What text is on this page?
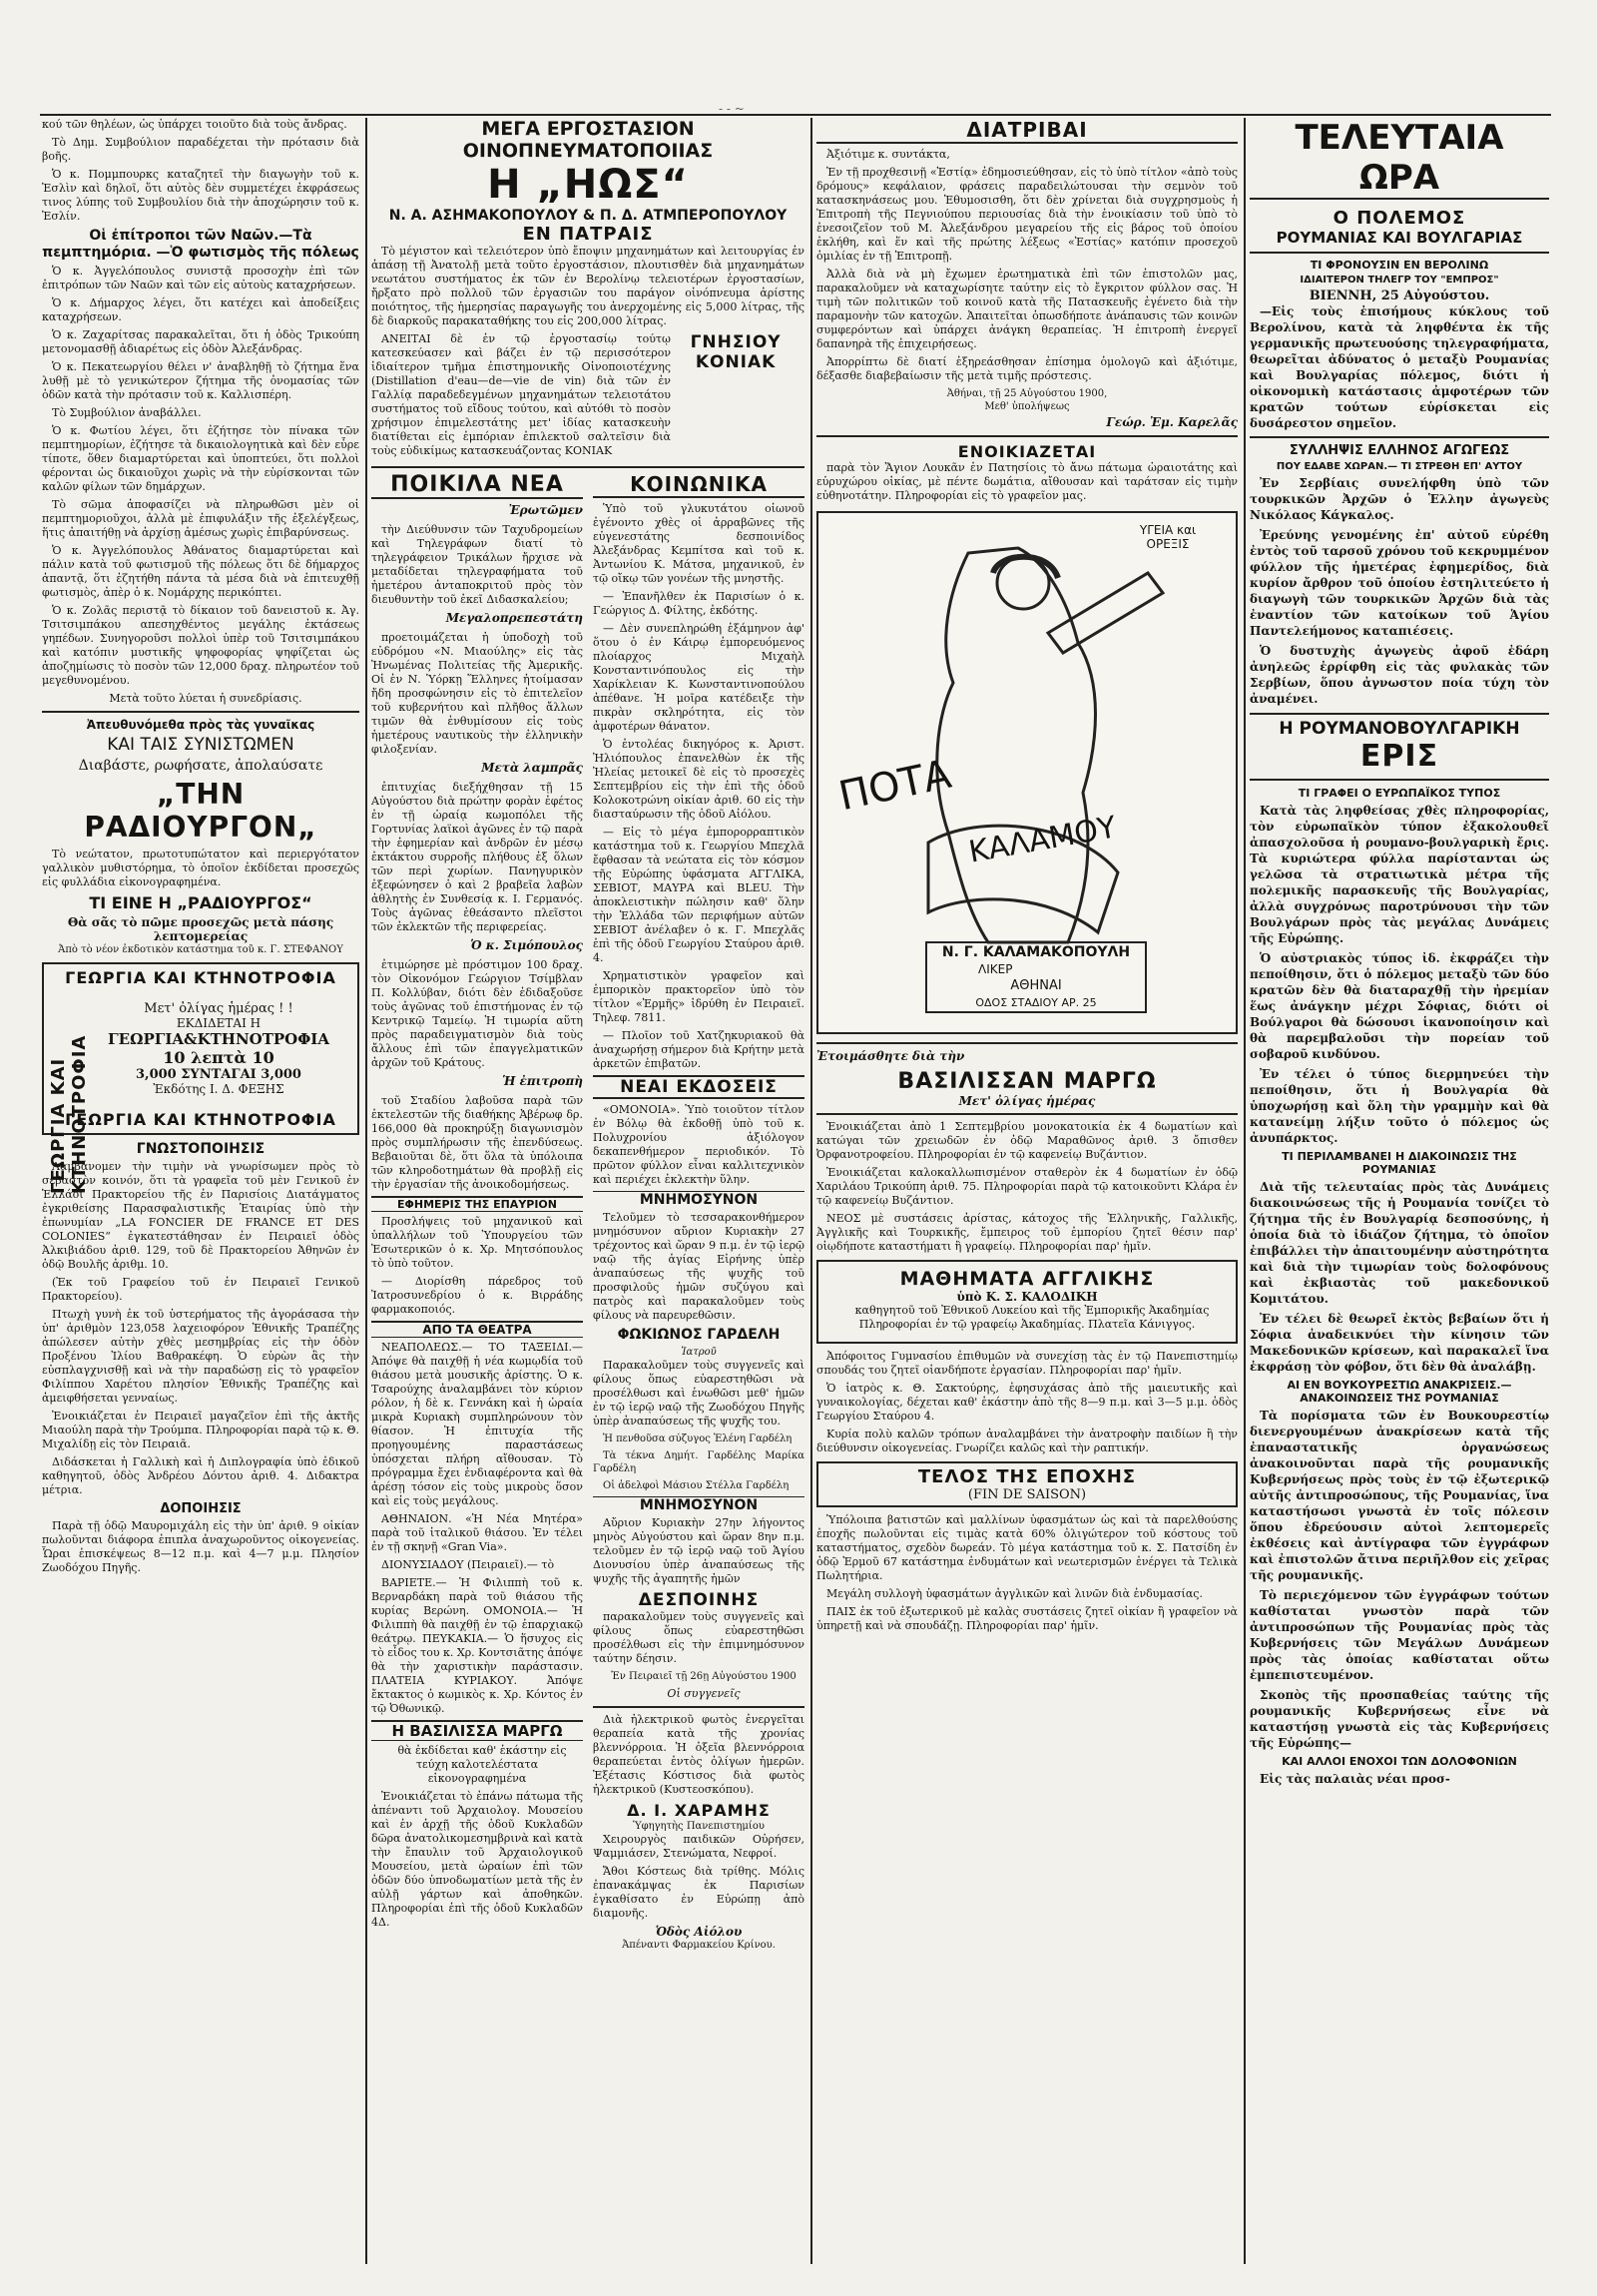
- - ~

κού τῶν θηλέων, ὡς ὑπάρχει τοιοῦτο διὰ τοὺς ἄνδρας.

Τὸ Δημ. Συμβούλιον παραδέχεται τὴν πρότασιν διὰ βοῆς.

Ὁ κ. Πομμπουρκς καταζητεῖ τὴν διαγωγὴν τοῦ κ. Ἐσλὶν καὶ δηλοῖ, ὅτι αὐτὸς δὲν συμμετέχει ἐκφράσεως τινος λύπης τοῦ Συμβουλίου διὰ τὴν ἀποχώρησιν τοῦ κ. Ἐσλίν.

Οἱ ἐπίτροποι τῶν Ναῶν.—Τὰ πεμπτημόρια. —Ὁ φωτισμὸς τῆς πόλεως

Ὁ κ. Ἀγγελόπουλος συνιστᾷ προσοχὴν ἐπὶ τῶν ἐπιτρόπων τῶν Ναῶν καὶ τῶν εἰς αὐτοὺς καταχρήσεων.

Ὁ κ. Δήμαρχος λέγει, ὅτι κατέχει καὶ ἀποδείξεις καταχρήσεων.

Ὁ κ. Ζαχαρίτσας παρακαλεῖται, ὅτι ἡ ὁδὸς Τρικούπη μετονομασθῇ ἀδιαρέτως εἰς ὁδὸν Ἀλεξάνδρας.

Ὁ κ. Πεκατεωργίου θέλει ν' ἀναβληθῇ τὸ ζήτημα ἕνα λυθῇ μὲ τὸ γενικώτερον ζήτημα τῆς ὀνομασίας τῶν ὁδῶν κατὰ τὴν πρότασιν τοῦ κ. Καλλισπέρη.

Τὸ Συμβούλιον ἀναβάλλει.

Ὁ κ. Φωτίου λέγει, ὅτι ἐζήτησε τὸν πίνακα τῶν πεμπτημορίων, ἐζήτησε τὰ δικαιολογητικὰ καὶ δὲν εὗρε τίποτε, ὅθεν διαμαρτύρεται καὶ ὑποπτεύει, ὅτι πολλοὶ φέρονται ὡς δικαιοῦχοι χωρὶς νὰ τὴν εὑρίσκονται τῶν καλῶν φίλων τῶν δημάρχων.

Τὸ σῶμα ἀποφασίζει νὰ πληρωθῶσι μὲν οἱ πεμπτημοριοῦχοι, ἀλλὰ μὲ ἐπιφυλάξιν τῆς ἐξελέγξεως, ἥτις ἀπαιτήθῃ νὰ ἀρχίσῃ ἀμέσως χωρὶς ἐπιβαρύνσεως.

Ὁ κ. Ἀγγελόπουλος Ἀθάνατος διαμαρτύρεται καὶ πάλιν κατὰ τοῦ φωτισμοῦ τῆς πόλεως ὅτι δὲ δήμαρχος ἀπαντᾷ, ὅτι ἐζητήθη πάντα τὰ μέσα διὰ νὰ ἐπιτευχθῇ φωτισμὸς, ἀπὲρ ὁ κ. Νομάρχης περικόπτει.

Ὁ κ. Ζολᾶς περιστᾷ τὸ δίκαιον τοῦ δανειστοῦ κ. Ἀγ. Τσιτσιμπάκου απεσηχθέντος μεγάλης ἐκτάσεως γηπέδων. Συνηγοροῦσι πολλοὶ ὑπὲρ τοῦ Τσιτσιμπάκου καὶ κατόπιν μυστικῆς ψηφοφορίας ψηφίζεται ὡς ἀποζημίωσις τὸ ποσὸν τῶν 12,000 δραχ. πληρωτέον τοῦ μεγεθυνομένου.

Μετὰ τοῦτο λύεται ἡ συνεδρίασις.

Ἀπευθυνόμεθα πρὸς τὰς γυναῖκας
ΚΑΙ ΤΑΙΣ ΣΥΝΙΣΤΩΜΕΝ
Διαβάστε, ρωφήσατε, ἀπολαύσατε
„ΤΗΝ ΡΑΔΙΟΥΡΓΟΝ„

Τὸ νεώτατον, πρωτοτυπώτατον καὶ περιεργότατον γαλλικὸν μυθιστόρημα, τὸ ὁποῖον ἐκδίδεται προσεχῶς εἰς φυλλάδια εἰκονογραφημένα.

ΤΙ ΕΙΝΕ Η „ΡΑΔΙΟΥΡΓΟΣ“
Θὰ σᾶς τὸ πῶμε προσεχῶς μετὰ πάσης λεπτομερείας
Ἀπὸ τὸ νέον ἐκδοτικὸν κατάστημα τοῦ κ. Γ. ΣΤΕΦΑΝΟΥ
ΓΕΩΡΓΙΑ ΚΑΙ ΚΤΗΝΟΤΡΟΦΙΑ
ΓΕΩΡΓΙΑ ΚΑΙ ΚΤΗΝΟΤΡΟΦΙΑ
Μετ' ὀλίγας ἡμέρας ! !
ΕΚΔΙΔΕΤΑΙ Η
ΓΕΩΡΓΙΑ&ΚΤΗΝΟΤΡΟΦΙΑ
10 λεπτὰ 10
3,000 ΣΥΝΤΑΓΑΙ 3,000
Ἐκδότης Ι. Δ. ΦΕΞΗΣ
ΓΕΩΡΓΙΑ ΚΑΙ ΚΤΗΝΟΤΡΟΦΙΑ
ΓΝΩΣΤΟΠΟΙΗΣΙΣ

Λαμβάνομεν τὴν τιμὴν νὰ γνωρίσωμεν πρὸς τὸ σεβαστὸν κοινόν, ὅτι τὰ γραφεῖα τοῦ μὲν Γενικοῦ ἐν Ἑλλάδι Πρακτορείου τῆς ἐν Παρισίοις Διατάγματος ἐγκριθείσης Παρασφαλιστικῆς Ἑταιρίας ὑπὸ τὴν ἐπωνυμίαν „LA FONCIER DE FRANCE ET DES COLONIES“ ἐγκατεστάθησαν ἐν Πειραιεῖ ὁδὸς Ἀλκιβιάδου ἀριθ. 129, τοῦ δὲ Πρακτορείου Ἀθηνῶν ἐν ὁδῷ Βουλῆς ἀριθμ. 10.

(Ἐκ τοῦ Γραφείου τοῦ ἐν Πειραιεῖ Γενικοῦ Πρακτορείου).

Πτωχὴ γυνὴ ἐκ τοῦ ὑστερήματος τῆς ἀγοράσασα τὴν ὑπ' ἀριθμὸν 123,058 λαχειοφόρον Ἐθνικῆς Τραπέζης ἀπώλεσεν αὐτὴν χθὲς μεσημβρίας εἰς τὴν ὁδὸν Προξένου Ἰλίου Βαθρακέφη. Ὁ εὑρὼν ἂς τὴν εὐσπλαγχνισθῇ καὶ νὰ τὴν παραδώσῃ εἰς τὸ γραφεῖον Φιλίππου Χαρέτου πλησίον Ἐθνικῆς Τραπέζης καὶ ἀμειφθήσεται γενναίως.

Ἐνοικιάζεται ἐν Πειραιεῖ μαγαζεῖον ἐπὶ τῆς ἀκτῆς Μιαούλη παρὰ τὴν Τρούμπα. Πληροφορίαι παρὰ τῷ κ. Θ. Μιχαλίδῃ εἰς τὸν Πειραιᾶ.

Διδάσκεται ἡ Γαλλικὴ καὶ ἡ Διπλογραφία ὑπὸ ἐδικοῦ καθηγητοῦ, ὁδὸς Ἀνδρέου Δόντου ἀριθ. 4. Διδακτρα μέτρια.

ΔΟΠΟΙΗΣΙΣ

Παρὰ τῇ ὁδῷ Μαυρομιχάλη εἰς τὴν ὑπ' ἀριθ. 9 οἰκίαν πωλοῦνται διάφορα ἐπιπλα ἀναχωροῦντος οἰκογενείας. Ὧραι ἐπισκέψεως 8—12 π.μ. καὶ 4—7 μ.μ. Πλησίον Ζωοδόχου Πηγῆς.

ΜΕΓΑ ΕΡΓΟΣΤΑΣΙΟΝ ΟΙΝΟΠΝΕΥΜΑΤΟΠΟΙΙΑΣ
Η „ΗΩΣ“
Ν. Α. ΑΣΗΜΑΚΟΠΟΥΛΟΥ & Π. Δ. ΑΤΜΠΕΡΟΠΟΥΛΟΥ
ΕΝ ΠΑΤΡΑΙΣ

Τὸ μέγιστον καὶ τελειότερον ὑπὸ ἔποψιν μηχανημάτων καὶ λειτουργίας ἐν ἁπάσῃ τῇ Ἀνατολῇ μετὰ τοῦτο ἐργοστάσιον, πλουτισθὲν διὰ μηχανημάτων νεωτάτου συστήματος ἐκ τῶν ἐν Βερολίνῳ τελειοτέρων ἐργοστασίων, ἤρξατο πρὸ πολλοῦ τῶν ἐργασιῶν του παράγον οἰνόπνευμα ἀρίστης ποιότητος, τῆς ἡμερησίας παραγωγῆς του ἀνερχομένης εἰς 5,000 λίτρας, τῆς δὲ διαρκοῦς παρακαταθήκης του εἰς 200,000 λίτρας.

ΑΝΕΙΤΑΙ δὲ ἐν τῷ ἐργοστασίῳ τούτῳ κατεσκεύασεν καὶ βάζει ἐν τῷ περισσότερον ἰδιαίτερον τμῆμα ἐπιστημονικῆς Οἰνοποιοτέχνης (Distillation d'eau—de—vie de vin) διὰ τῶν ἐν Γαλλίᾳ παραδεδεγμένων μηχανημάτων τελειοτάτου συστήματος τοῦ εἴδους τούτου, καὶ αὐτόθι τὸ ποσὸν χρήσιμον ἐπιμελεστάτης μετ' ἰδίας κατασκευὴν διατίθεται εἰς ἐμπόριαν ἐπιλεκτοῦ σαλτεῖσιν διὰ τοὺς εὐδικίμως κατασκευάζοντας ΚΟΝΙΑΚ

ΓΝΗΣΙΟΥ ΚΟΝΙΑΚ
ΠΟΙΚΙΛΑ ΝΕΑ
Ἐρωτῶμεν

τὴν Διεύθυνσιν τῶν Ταχυδρομείων καὶ Τηλεγράφων διατί τὸ τηλεγράφειον Τρικάλων ἤρχισε νὰ μεταδίδεται τηλεγραφήματα τοῦ ἡμετέρου ἀνταποκριτοῦ πρὸς τὸν διευθυντὴν τοῦ ἐκεῖ Διδασκαλείου;

Μεγαλοπρεπεστάτη

προετοιμάζεται ἡ ὑποδοχὴ τοῦ εὐδρόμου «Ν. Μιαούλης» εἰς τὰς Ἠνωμένας Πολιτείας τῆς Ἀμερικῆς. Οἱ ἐν Ν. Ὑόρκῃ Ἕλληνες ἠτοίμασαν ἤδη προσφώνησιν εἰς τὸ ἐπιτελεῖον τοῦ κυβερνήτου καὶ πλῆθος ἄλλων τιμῶν θὰ ἐνθυμίσουν εἰς τοὺς ἡμετέρους ναυτικοὺς τὴν ἑλληνικὴν φιλοξενίαν.

Μετὰ λαμπρᾶς

ἐπιτυχίας διεξήχθησαν τῇ 15 Αὐγούστου διὰ πρώτην φορὰν ἐφέτος ἐν τῇ ὡραίᾳ κωμοπόλει τῆς Γορτυνίας λαϊκοὶ ἀγῶνες ἐν τῷ παρὰ τὴν ἐφημερίαν καὶ ἀνδρῶν ἐν μέσῳ ἐκτάκτου συρροῆς πλήθους ἐξ ὅλων τῶν περὶ χωρίων. Πανηγυρικὸν ἐξεφώνησεν ὁ καὶ 2 βραβεῖα λαβὼν ἀθλητὴς ἐν Συνθεσίᾳ κ. Ι. Γερμανός. Τοὺς ἀγῶνας ἐθεάσαντο πλεῖστοι τῶν ἐκλεκτῶν τῆς περιφερείας.

Ὁ κ. Σιμόπουλος

ἐτιμώρησε μὲ πρόστιμον 100 δραχ. τὸν Οἰκονόμον Γεώργιον Τσίμβλαν Π. Κολλύβαν, διότι δὲν ἐδιδαξοῦσε τοὺς ἀγῶνας τοῦ ἐπιστήμονας ἐν τῷ Κεντρικῷ Ταμείῳ. Ἡ τιμωρία αὕτη πρὸς παραδειγματισμὸν διὰ τοὺς ἄλλους ἐπὶ τῶν ἐπαγγελματικῶν ἀρχῶν τοῦ Κράτους.

Ἡ ἐπιτροπὴ

τοῦ Σταδίου λαβοῦσα παρὰ τῶν ἐκτελεστῶν τῆς διαθήκης Ἀβέρωφ δρ. 166,000 θὰ προκηρύξῃ διαγωνισμὸν πρὸς συμπλήρωσιν τῆς ἐπενδύσεως. Βεβαιοῦται δὲ, ὅτι ὅλα τὰ ὑπόλοιπα τῶν κληροδοτημάτων θὰ προβλῇ εἰς τὴν ἐργασίαν τῆς ἀνοικοδομήσεως.

ΕΦΗΜΕΡΙΣ ΤΗΣ ΕΠΑΥΡΙΟΝ

Προσλήψεις τοῦ μηχανικοῦ καὶ ὑπαλλήλων τοῦ Ὑπουργείου τῶν Ἐσωτερικῶν ὁ κ. Χρ. Μητσόπουλος τὸ ὑπὸ τοῦτον.

— Διορίσθη πάρεδρος τοῦ Ἰατροσυνεδρίου ὁ κ. Βιρράδης φαρμακοποιός.

ΑΠΟ ΤΑ ΘΕΑΤΡΑ

ΝΕΑΠΟΛΕΩΣ.— ΤΟ ΤΑΞΕΙΔΙ.— Ἀπόψε θὰ παιχθῇ ἡ νέα κωμῳδία τοῦ θιάσου μετὰ μουσικῆς ἀρίστης. Ὁ κ. Τσαρούχης ἀναλαμβάνει τὸν κύριον ρόλον, ἡ δὲ κ. Γεννάκη καὶ ἡ ὡραία μικρὰ Κυριακὴ συμπληρώνουν τὸν θίασον. Ἡ ἐπιτυχία τῆς προηγουμένης παραστάσεως ὑπόσχεται πλήρη αἴθουσαν. Τὸ πρόγραμμα ἔχει ἐνδιαφέροντα καὶ θὰ ἀρέσῃ τόσον εἰς τοὺς μικροὺς ὅσον καὶ εἰς τοὺς μεγάλους.

ΑΘΗΝΑΙΟΝ. «Ἡ Νέα Μητέρα» παρὰ τοῦ ἰταλικοῦ θιάσου. Ἐν τέλει ἐν τῇ σκηνῇ «Gran Via».

ΔΙΟΝΥΣΙΑΔΟΥ (Πειραιεῖ).— τὸ

ΒΑΡΙΕΤΕ.— Ἡ Φιλιππὴ τοῦ κ. Βερναρδάκη παρὰ τοῦ θιάσου τῆς κυρίας Βερώνη. ΟΜΟΝΟΙΑ.— Ἡ Φιλιππὴ θὰ παιχθῇ ἐν τῷ ἐπαρχιακῷ θεάτρῳ. ΠΕΥΚΑΚΙΑ.— Ὁ ἥσυχος εἰς τὸ εἶδος του κ. Χρ. Κοντσιᾶτης ἀπόψε θὰ τὴν χαριστικὴν παράστασιν. ΠΛΑΤΕΙΑ ΚΥΡΙΑΚΟΥ. Ἀπόψε ἔκτακτος ὁ κωμικὸς κ. Χρ. Κόντος ἐν τῷ Ὀθωνικῷ.

Η ΒΑΣΙΛΙΣΣΑ ΜΑΡΓΩ

θὰ ἐκδίδεται καθ' ἑκάστην εἰς τεύχη καλοτελέστατα εἰκονογραφημένα

Ἐνοικιάζεται τὸ ἐπάνω πάτωμα τῆς ἀπέναντι τοῦ Ἀρχαιολογ. Μουσείου καὶ ἐν ἀρχῇ τῆς ὁδοῦ Κυκλαδῶν δῶρα ἀνατολικομεσημβρινὰ καὶ κατὰ τὴν ἔπαυλιν τοῦ Ἀρχαιολογικοῦ Μουσείου, μετὰ ὡραίων ἐπὶ τῶν ὁδῶν δύο ὑπνοδωματίων μετὰ τῆς ἐν αὐλῇ γάρτων καὶ ἀποθηκῶν. Πληροφορίαι ἐπὶ τῆς ὁδοῦ Κυκλαδῶν 4Δ.

ΚΟΙΝΩΝΙΚΑ

Ὑπὸ τοῦ γλυκυτάτου οἰωνοῦ ἐγένοντο χθὲς οἱ ἀρραβῶνες τῆς εὐγενεστάτης δεσποινίδος Ἀλεξάνδρας Κεμπίτσα καὶ τοῦ κ. Ἀντωνίου Κ. Μάτσα, μηχανικοῦ, ἐν τῷ οἴκῳ τῶν γονέων τῆς μνηστῆς.

— Ἐπανῆλθεν ἐκ Παρισίων ὁ κ. Γεώργιος Δ. Φίλτης, ἐκδότης.

— Δὲν συνεπληρώθη ἑξάμηνον ἀφ' ὅτου ὁ ἐν Κάιρῳ ἐμπορευόμενος πλοίαρχος Μιχαὴλ Κονσταντινόπουλος εἰς τὴν Χαρίκλειαν Κ. Κωνσταντινοπούλου ἀπέθανε. Ἡ μοῖρα κατέδειξε τὴν πικρὰν σκληρότητα, εἰς τὸν ἀμφοτέρων θάνατον.

Ὁ ἐντολέας δικηγόρος κ. Ἀριστ. Ἠλιόπουλος ἐπανελθὼν ἐκ τῆς Ἠλείας μετοικεῖ δὲ εἰς τὸ προσεχὲς Σεπτεμβρίου εἰς τὴν ἐπὶ τῆς ὁδοῦ Κολοκοτρώνη οἰκίαν ἀριθ. 60 εἰς τὴν διασταύρωσιν τῆς ὁδοῦ Αἰόλου.

— Εἰς τὸ μέγα ἐμπορορραπτικὸν κατάστημα τοῦ κ. Γεωργίου Μπεχλᾶ ἔφθασαν τὰ νεώτατα εἰς τὸν κόσμον τῆς Εὐρώπης ὑφάσματα ΑΓΓΛΙΚΑ, ΣΕΒΙΟΤ, ΜΑΥΡΑ καὶ BLEU. Τὴν ἀποκλειστικὴν πώλησιν καθ' ὅλην τὴν Ἑλλάδα τῶν περιφήμων αὐτῶν ΣΕΒΙΟΤ ἀνέλαβεν ὁ κ. Γ. Μπεχλᾶς ἐπὶ τῆς ὁδοῦ Γεωργίου Σταύρου ἀριθ. 4.

Χρηματιστικὸν γραφεῖον καὶ ἐμπορικὸν πρακτορεῖον ὑπὸ τὸν τίτλον «Ἑρμῆς» ἱδρύθη ἐν Πειραιεῖ. Τηλεφ. 7811.

— Πλοῖον τοῦ Χατζηκυριακοῦ θὰ ἀναχωρήσῃ σήμερον διὰ Κρήτην μετὰ ἀρκετῶν ἐπιβατῶν.

ΝΕΑΙ ΕΚΔΟΣΕΙΣ

«ΟΜΟΝΟΙΑ». Ὑπὸ τοιοῦτον τίτλον ἐν Βόλῳ θὰ ἐκδοθῇ ὑπὸ τοῦ κ. Πολυχρονίου ἀξιόλογον δεκαπενθήμερον περιοδικόν. Τὸ πρῶτον φύλλον εἶναι καλλιτεχνικὸν καὶ περιέχει ἐκλεκτὴν ὕλην.

ΜΝΗΜΟΣΥΝΟΝ

Τελοῦμεν τὸ τεσσαρακονθήμερον μνημόσυνον αὔριον Κυριακὴν 27 τρέχοντος καὶ ὥραν 9 π.μ. ἐν τῷ ἱερῷ ναῷ τῆς ἁγίας Εἰρήνης ὑπὲρ ἀναπαύσεως τῆς ψυχῆς τοῦ προσφιλοῦς ἡμῶν συζύγου καὶ πατρὸς καὶ παρακαλοῦμεν τοὺς φίλους νὰ παρευρεθῶσιν.

ΦΩΚΙΩΝΟΣ ΓΑΡΔΕΛΗ
Ἰατροῦ

Παρακαλοῦμεν τοὺς συγγενεῖς καὶ φίλους ὅπως εὐαρεστηθῶσι νὰ προσέλθωσι καὶ ἑνωθῶσι μεθ' ἡμῶν ἐν τῷ ἱερῷ ναῷ τῆς Ζωοδόχου Πηγῆς ὑπὲρ ἀναπαύσεως τῆς ψυχῆς του.

Ἡ πενθοῦσα σύζυγος Ἑλένη Γαρδέλη

Τὰ τέκνα Δημήτ. Γαρδέλης Μαρίκα Γαρδέλη

Οἱ ἀδελφοὶ Μάσιου Στέλλα Γαρδέλη

ΜΝΗΜΟΣΥΝΟΝ

Αὔριον Κυριακὴν 27ην λήγοντος μηνὸς Αὐγούστου καὶ ὥραν 8ην π.μ. τελοῦμεν ἐν τῷ ἱερῷ ναῷ τοῦ Ἁγίου Διονυσίου ὑπὲρ ἀναπαύσεως τῆς ψυχῆς τῆς ἀγαπητῆς ἡμῶν

ΔΕΣΠΟΙΝΗΣ

παρακαλοῦμεν τοὺς συγγενεῖς καὶ φίλους ὅπως εὐαρεστηθῶσι προσέλθωσι εἰς τὴν ἐπιμνημόσυνον ταύτην δέησιν.

Ἐν Πειραιεῖ τῇ 26ῃ Αὐγούστου 1900

Οἱ συγγενεῖς

Διὰ ἠλεκτρικοῦ φωτὸς ἐνεργεῖται θεραπεία κατὰ τῆς χρονίας βλεννόρροια. Ἡ ὀξεῖα βλεννόρροια θεραπεύεται ἐντὸς ὀλίγων ἡμερῶν. Ἐξέτασις Κόστισος διὰ φωτὸς ἠλεκτρικοῦ (Κυστεοσκόπου).

Δ. Ι. ΧΑΡΑΜΗΣ
Ὑφηγητὴς Πανεπιστημίου

Χειρουργὸς παιδικῶν Οὐρήσεν, Ψαμμιάσεν, Στενώματα, Νεφροί.

Ἄθοι Κόστεως διὰ τρίθης. Μόλις ἐπανακάμψας ἐκ Παρισίων ἐγκαθίσατο ἐν Εὐρώπῃ ἀπὸ διαμονῆς.

Ὁδὸς Αἰόλου
Ἀπέναντι Φαρμακείου Κρίνου.
ΔΙΑΤΡΙΒΑΙ

Ἀξιότιμε κ. συντάκτα,

Ἐν τῇ προχθεσινῇ «Ἑστίᾳ» ἐδημοσιεύθησαν, εἰς τὸ ὑπὸ τίτλον «ἀπὸ τοὺς δρόμους» κεφάλαιον, φράσεις παραδειλώτουσαι τὴν σεμνὸν τοῦ κατασκηνάσεως μου. Ἐθυμοσισθη, ὅτι δὲν χρίνεται διὰ συγχρησμοὺς ἡ Ἐπιτροπὴ τῆς Πεγνιούπου περιουσίας διὰ τὴν ἐνοικίασιν τοῦ ὑπὸ τὸ ἐνεσοιζεῖον τοῦ Μ. Ἀλεξάνδρου μεγαρείου τῆς εἰς βάρος τοῦ ὁποίου ἐκλήθη, καὶ ἕν καὶ τῆς πρώτης λέξεως «Ἐστίας» κατόπιν προσεχοῦ ὁμιλίας ἐν τῇ Ἐπιτροπῇ.

Ἀλλὰ διὰ νὰ μὴ ἔχωμεν ἐρωτηματικὰ ἐπὶ τῶν ἐπιστολῶν μας, παρακαλοῦμεν νὰ καταχωρίσητε ταύτην εἰς τὸ ἔγκριτον φύλλον σας. Ἡ τιμὴ τῶν πολιτικῶν τοῦ κοινοῦ κατὰ τῆς Πατασκευῆς ἐγένετο διὰ τὴν παραμονὴν τῶν κατοχῶν. Ἀπαιτεῖται ὁπωσδήποτε ἀνάπαυσις τῶν κοινῶν συμφερόντων καὶ ὑπάρχει ἀνάγκη θεραπείας. Ἡ ἐπιτροπὴ ἐνεργεῖ δαπανηρὰ τῆς ἐπιχειρήσεως.

Ἀπορρίπτω δὲ διατί ἐξηρεάσθησαν ἐπίσημα ὁμολογῶ καὶ ἀξιότιμε, δέξασθε διαβεβαίωσιν τῆς μετὰ τιμῆς πρόστεσις.

Ἀθήναι, τῇ 25 Αὐγούστου 1900,
Μεθ' ὑπολήψεως
Γεώρ. Ἐμ. Καρελᾶς
ΕΝΟΙΚΙΑΖΕΤΑΙ

παρὰ τὸν Ἅγιον Λουκᾶν ἐν Πατησίοις τὸ ἄνω πάτωμα ὡραιοτάτης καὶ εὐρυχώρου οἰκίας, μὲ πέντε δωμάτια, αἴθουσαν καὶ ταράτσαν εἰς τιμὴν εὐθηνοτάτην. Πληροφορίαι εἰς τὸ γραφεῖον μας.

ΥΓΕΙΑ και ΟΡΕΞΙΣ
ΠΟΤΑ
ΚΑΛΑΜΟΥ
ΛΙΚΕΡ
Ν. Γ. ΚΑΛΑΜΑΚΟΠΟΥΛΗ
ΑΘΗΝΑΙ
ΟΔΟΣ ΣΤΑΔΙΟΥ ΑΡ. 25
Ἐτοιμάσθητε διὰ τὴν
ΒΑΣΙΛΙΣΣΑΝ ΜΑΡΓΩ
Μετ' ὀλίγας ἡμέρας

Ἐνοικιάζεται ἀπὸ 1 Σεπτεμβρίου μονοκατοικία ἐκ 4 δωματίων καὶ κατώγαι τῶν χρειωδῶν ἐν ὁδῷ Μαραθῶνος ἀριθ. 3 ὄπισθεν Ὀρφανοτροφείου. Πληροφορίαι ἐν τῷ καφενείῳ Βυζάντιον.

Ἐνοικιάζεται καλοκαλλωπισμένον σταθερὸν ἐκ 4 δωματίων ἐν ὁδῷ Χαριλάου Τρικούπη ἀριθ. 75. Πληροφορίαι παρὰ τῷ κατοικοῦντι Κλάρα ἐν τῷ καφενείῳ Βυζάντιον.

ΝΕΟΣ μὲ συστάσεις ἀρίστας, κάτοχος τῆς Ἑλληνικῆς, Γαλλικῆς, Ἀγγλικῆς καὶ Τουρκικῆς, ἔμπειρος τοῦ ἐμπορίου ζητεῖ θέσιν παρ' οἱῳδήποτε καταστήματι ἢ γραφείῳ. Πληροφορίαι παρ' ἡμῖν.

ΜΑΘΗΜΑΤΑ ΑΓΓΛΙΚΗΣ
ὑπὸ Κ. Σ. ΚΑΛΟΔΙΚΗ

καθηγητοῦ τοῦ Ἐθνικοῦ Λυκείου καὶ τῆς Ἐμπορικῆς Ἀκαδημίας Πληροφορίαι ἐν τῷ γραφείῳ Ἀκαδημίας. Πλατεῖα Κάνιγγος.

Ἀπόφοιτος Γυμνασίου ἐπιθυμῶν νὰ συνεχίσῃ τὰς ἐν τῷ Πανεπιστημίῳ σπουδάς του ζητεῖ οἱανδήποτε ἐργασίαν. Πληροφορίαι παρ' ἡμῖν.

Ὁ ἰατρὸς κ. Θ. Σακτούρης, ἐφησυχάσας ἀπὸ τῆς μαιευτικῆς καὶ γυναικολογίας, δέχεται καθ' ἑκάστην ἀπὸ τῆς 8—9 π.μ. καὶ 3—5 μ.μ. ὁδὸς Γεωργίου Σταύρου 4.

Κυρία πολὺ καλῶν τρόπων ἀναλαμβάνει τὴν ἀνατροφὴν παιδίων ἢ τὴν διεύθυνσιν οἰκογενείας. Γνωρίζει καλῶς καὶ τὴν ραπτικήν.

ΤΕΛΟΣ ΤΗΣ ΕΠΟΧΗΣ
(FIN DE SAISON)

Ὑπόλοιπα βατιστῶν καὶ μαλλίνων ὑφασμάτων ὡς καὶ τὰ παρελθούσης ἐποχῆς πωλοῦνται εἰς τιμὰς κατὰ 60% ὀλιγώτερον τοῦ κόστους τοῦ καταστήματος, σχεδὸν δωρεάν. Τὸ μέγα κατάστημα τοῦ κ. Σ. Πατσίδη ἐν ὁδῷ Ἑρμοῦ 67 κατάστημα ἐνδυμάτων καὶ νεωτερισμῶν ἐνέργει τὰ Τελικὰ Πωλητήρια.

Μεγάλη συλλογὴ ὑφασμάτων ἀγγλικῶν καὶ λινῶν διὰ ἐνδυμασίας.

ΠΑΙΣ ἐκ τοῦ ἐξωτερικοῦ μὲ καλὰς συστάσεις ζητεῖ οἰκίαν ἢ γραφεῖον νὰ ὑπηρετῇ καὶ νὰ σπουδάζῃ. Πληροφορίαι παρ' ἡμῖν.

ΤΕΛΕΥΤΑΙΑ ΩΡΑ
Ο ΠΟΛΕΜΟΣ
ΡΟΥΜΑΝΙΑΣ ΚΑΙ ΒΟΥΛΓΑΡΙΑΣ
ΤΙ ΦΡΟΝΟΥΣΙΝ ΕΝ ΒΕΡΟΛΙΝΩ
ΙΔΙΑΙΤΕΡΟΝ ΤΗΛΕΓΡ ΤΟΥ "ΕΜΠΡΟΣ"
ΒΙΕΝΝΗ, 25 Αὐγούστου.

—Εἰς τοὺς ἐπισήμους κύκλους τοῦ Βερολίνου, κατὰ τὰ ληφθέντα ἐκ τῆς γερμανικῆς πρωτευούσης τηλεγραφήματα, θεωρεῖται ἀδύνατος ὁ μεταξὺ Ρουμανίας καὶ Βουλγαρίας πόλεμος, διότι ἡ οἰκονομικὴ κατάστασις ἀμφοτέρων τῶν κρατῶν τούτων εὑρίσκεται εἰς δυσάρεστον σημεῖον.

ΣΥΛΛΗΨΙΣ ΕΛΛΗΝΟΣ ΑΓΩΓΕΩΣ
ΠΟΥ ΕΔΑΒΕ ΧΩΡΑΝ.— ΤΙ ΣΤΡΕΘΗ ΕΠ' ΑΥΤΟΥ

Ἐν Σερβίαις συνελήφθη ὑπὸ τῶν τουρκικῶν Ἀρχῶν ὁ Ἑλλην ἀγωγεὺς Νικόλαος Κάγκαλος.

Ἐρεύνης γενομένης ἐπ' αὐτοῦ εὑρέθη ἐντὸς τοῦ ταρσοῦ χρόνου τοῦ κεκρυμμένον φύλλον τῆς ἡμετέρας ἐφημερίδος, διὰ κυρίον ἄρθρον τοῦ ὁποίου ἐστηλιτεύετο ἡ διαγωγὴ τῶν τουρκικῶν Ἀρχῶν διὰ τὰς ἐναντίον τῶν κατοίκων τοῦ Ἁγίου Παντελεήμονος καταπιέσεις.

Ὁ δυστυχὴς ἀγωγεὺς ἀφοῦ ἐδάρη ἀνηλεῶς ἐρρίφθη εἰς τὰς φυλακὰς τῶν Σερβίων, ὅπου ἀγνωστον ποία τύχη τὸν ἀναμένει.

Η ΡΟΥΜΑΝΟΒΟΥΛΓΑΡΙΚΗ
ΕΡΙΣ
ΤΙ ΓΡΑΦΕΙ Ο ΕΥΡΩΠΑΪΚΟΣ ΤΥΠΟΣ

Κατὰ τὰς ληφθείσας χθὲς πληροφορίας, τὸν εὐρωπαϊκὸν τύπον ἐξακολουθεῖ ἀπασχολοῦσα ἡ ρουμανο-βουλγαρικὴ ἔρις. Τὰ κυριώτερα φύλλα παρίστανται ὡς γελῶσα τὰ στρατιωτικὰ μέτρα τῆς πολεμικῆς παρασκευῆς τῆς Βουλγαρίας, ἀλλὰ συγχρόνως παροτρύνουσι τὴν τῶν Βουλγάρων πρὸς τὰς μεγάλας Δυνάμεις τῆς Εὐρώπης.

Ὁ αὐστριακὸς τύπος ἰδ. ἐκφράζει τὴν πεποίθησιν, ὅτι ὁ πόλεμος μεταξὺ τῶν δύο κρατῶν δὲν θὰ διαταραχθῇ τὴν ἠρεμίαν ἕως ἀνάγκην μέχρι Σόφιας, διότι οἱ Βούλγαροι θὰ δώσουσι ἱκανοποίησιν καὶ θὰ παρεμβαλοῦσι τὴν πορείαν τοῦ σοβαροῦ κινδύνου.

Ἐν τέλει ὁ τύπος διερμηνεύει τὴν πεποίθησιν, ὅτι ἡ Βουλγαρία θὰ ὑποχωρήσῃ καὶ ὅλη τὴν γραμμὴν καὶ θὰ κατανείμῃ λήξιν τοῦτο ὁ πόλεμος ὡς ἀνυπάρκτος.

ΤΙ ΠΕΡΙΛΑΜΒΑΝΕΙ Η ΔΙΑΚΟΙΝΩΣΙΣ ΤΗΣ ΡΟΥΜΑΝΙΑΣ

Διὰ τῆς τελευταίας πρὸς τὰς Δυνάμεις διακοινώσεως τῆς ἡ Ρουμανία τονίζει τὸ ζήτημα τῆς ἐν Βουλγαρίᾳ δεσποσύνης, ἡ ὁποία διὰ τὸ ἰδιάζον ζήτημα, τὸ ὁποῖον ἐπιβάλλει τὴν ἀπαιτουμένην αὐστηρότητα καὶ διὰ τὴν τιμωρίαν τοὺς δολοφόνους καὶ ἐκβιαστὰς τοῦ μακεδονικοῦ Κομιτάτου.

Ἐν τέλει δὲ θεωρεῖ ἐκτὸς βεβαίων ὅτι ἡ Σόφια ἀναδεικνύει τὴν κίνησιν τῶν Μακεδονικῶν κρίσεων, καὶ παρακαλεῖ ἵνα ἐκφράσῃ τὸν φόβον, ὅτι δὲν θὰ ἀναλάβῃ.

ΑΙ ΕΝ ΒΟΥΚΟΥΡΕΣΤΙΩ ΑΝΑΚΡΙΣΕΙΣ.—ΑΝΑΚΟΙΝΩΣΕΙΣ ΤΗΣ ΡΟΥΜΑΝΙΑΣ

Τὰ πορίσματα τῶν ἐν Βουκουρεστίῳ διενεργουμένων ἀνακρίσεων κατὰ τῆς ἐπαναστατικῆς ὀργανώσεως ἀνακοινοῦνται παρὰ τῆς ρουμανικῆς Κυβερνήσεως πρὸς τοὺς ἐν τῷ ἐξωτερικῷ αὐτῆς ἀντιπροσώπους, τῆς Ρουμανίας, ἵνα καταστήσωσι γνωστὰ ἐν τοῖς πόλεσιν ὅπου ἐδρεύουσιν αὐτοὶ λεπτομερεῖς ἐκθέσεις καὶ ἀντίγραφα τῶν ἐγγράφων καὶ ἐπιστολῶν ἄτινα περιῆλθον εἰς χεῖρας τῆς ρουμανικῆς.

Τὸ περιεχόμενον τῶν ἐγγράφων τούτων καθίσταται γνωστὸν παρὰ τῶν ἀντιπροσώπων τῆς Ρουμανίας πρὸς τὰς Κυβερνήσεις τῶν Μεγάλων Δυνάμεων πρὸς τὰς ὁποίας καθίσταται οὕτω ἐμπεπιστευμένον.

Σκοπὸς τῆς προσπαθείας ταύτης τῆς ρουμανικῆς Κυβερνήσεως εἶνε νὰ καταστήσῃ γνωστὰ εἰς τὰς Κυβερνήσεις τῆς Εὐρώπης—

ΚΑΙ ΑΛΛΟΙ ΕΝΟΧΟΙ ΤΩΝ ΔΟΛΟΦΟΝΙΩΝ

Εἰς τὰς παλαιὰς νέαι προσ-
